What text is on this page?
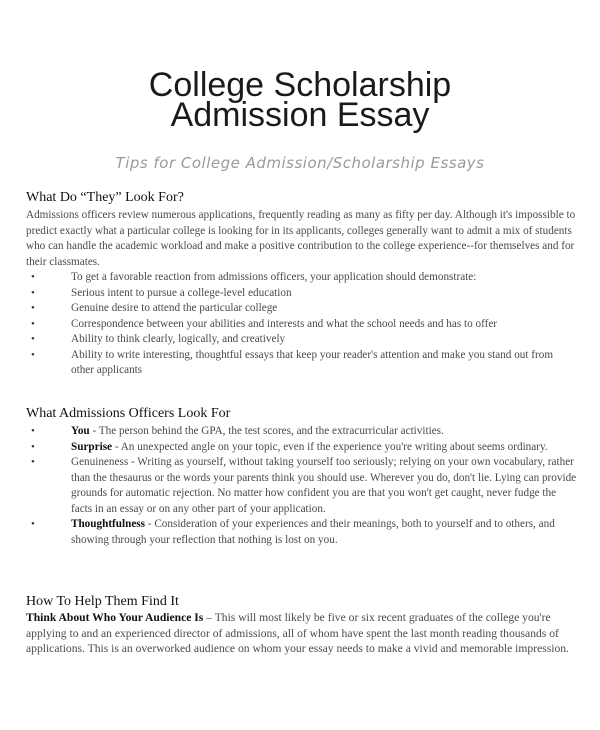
College Scholarship
Admission Essay
Tips for College Admission/Scholarship Essays
What Do “They” Look For?

Admissions officers review numerous applications, frequently reading as many as fifty per day. Although it's impossible to predict exactly what a particular college is looking for in its applicants, colleges generally want to admit a mix of students who can handle the academic workload and make a positive contribution to the college experience--for themselves and for their classmates.

•	To get a favorable reaction from admissions officers, your application should demonstrate:
•	Serious intent to pursue a college-level education
•	Genuine desire to attend the particular college
•	Correspondence between your abilities and interests and what the school needs and has to offer
•	Ability to think clearly, logically, and creatively
•	Ability to write interesting, thoughtful essays that keep your reader's attention and make you stand out from other applicants
What Admissions Officers Look For
•	You - The person behind the GPA, the test scores, and the extracurricular activities.
•	Surprise - An unexpected angle on your topic, even if the experience you're writing about seems ordinary.
•	Genuineness - Writing as yourself, without taking yourself too seriously; relying on your own vocabulary, rather than the thesaurus or the words your parents think you should use. Wherever you do, don't lie. Lying can provide grounds for automatic rejection. No matter how confident you are that you won't get caught, never fudge the facts in an essay or on any other part of your application.
•	Thoughtfulness - Consideration of your experiences and their meanings, both to yourself and to others, and showing through your reflection that nothing is lost on you.
How To Help Them Find It

Think About Who Your Audience Is – This will most likely be five or six recent graduates of the college you're applying to and an experienced director of admissions, all of whom have spent the last month reading thousands of applications. This is an overworked audience on whom your essay needs to make a vivid and memorable impression.
